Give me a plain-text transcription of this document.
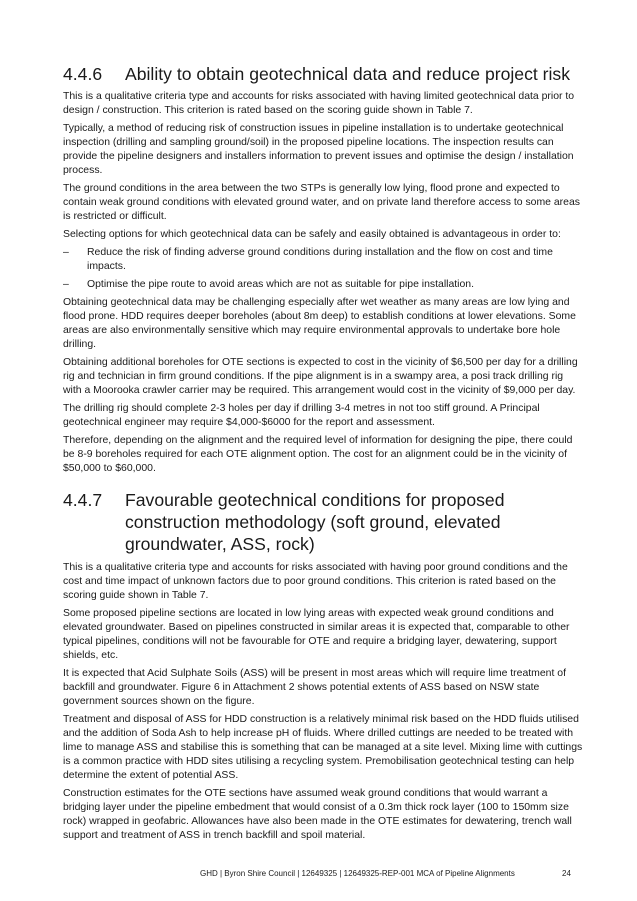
4.4.6	Ability to obtain geotechnical data and reduce project risk

This is a qualitative criteria type and accounts for risks associated with having limited geotechnical data prior to design / construction. This criterion is rated based on the scoring guide shown in Table 7.

Typically, a method of reducing risk of construction issues in pipeline installation is to undertake geotechnical inspection (drilling and sampling ground/soil) in the proposed pipeline locations. The inspection results can provide the pipeline designers and installers information to prevent issues and optimise the design / installation process.

The ground conditions in the area between the two STPs is generally low lying, flood prone and expected to contain weak ground conditions with elevated ground water, and on private land therefore access to some areas is restricted or difficult.

Selecting options for which geotechnical data can be safely and easily obtained is advantageous in order to:

– Reduce the risk of finding adverse ground conditions during installation and the flow on cost and time impacts.
– Optimise the pipe route to avoid areas which are not as suitable for pipe installation.

Obtaining geotechnical data may be challenging especially after wet weather as many areas are low lying and flood prone. HDD requires deeper boreholes (about 8m deep) to establish conditions at lower elevations. Some areas are also environmentally sensitive which may require environmental approvals to undertake bore hole drilling.

Obtaining additional boreholes for OTE sections is expected to cost in the vicinity of $6,500 per day for a drilling rig and technician in firm ground conditions. If the pipe alignment is in a swampy area, a posi track drilling rig with a Moorooka crawler carrier may be required. This arrangement would cost in the vicinity of $9,000 per day.

The drilling rig should complete 2-3 holes per day if drilling 3-4 metres in not too stiff ground. A Principal geotechnical engineer may require $4,000-$6000 for the report and assessment.

Therefore, depending on the alignment and the required level of information for designing the pipe, there could be 8-9 boreholes required for each OTE alignment option. The cost for an alignment could be in the vicinity of $50,000 to $60,000.

4.4.7	Favourable geotechnical conditions for proposed construction methodology (soft ground, elevated groundwater, ASS, rock)

This is a qualitative criteria type and accounts for risks associated with having poor ground conditions and the cost and time impact of unknown factors due to poor ground conditions. This criterion is rated based on the scoring guide shown in Table 7.

Some proposed pipeline sections are located in low lying areas with expected weak ground conditions and elevated groundwater. Based on pipelines constructed in similar areas it is expected that, comparable to other typical pipelines, conditions will not be favourable for OTE and require a bridging layer, dewatering, support shields, etc.

It is expected that Acid Sulphate Soils (ASS) will be present in most areas which will require lime treatment of backfill and groundwater. Figure 6 in Attachment 2 shows potential extents of ASS based on NSW state government sources shown on the figure.

Treatment and disposal of ASS for HDD construction is a relatively minimal risk based on the HDD fluids utilised and the addition of Soda Ash to help increase pH of fluids. Where drilled cuttings are needed to be treated with lime to manage ASS and stabilise this is something that can be managed at a site level. Mixing lime with cuttings is a common practice with HDD sites utilising a recycling system. Premobilisation geotechnical testing can help determine the extent of potential ASS.

Construction estimates for the OTE sections have assumed weak ground conditions that would warrant a bridging layer under the pipeline embedment that would consist of a 0.3m thick rock layer (100 to 150mm size rock) wrapped in geofabric. Allowances have also been made in the OTE estimates for dewatering, trench wall support and treatment of ASS in trench backfill and spoil material.

GHD | Byron Shire Council | 12649325 | 12649325-REP-001 MCA of Pipeline Alignments	24
